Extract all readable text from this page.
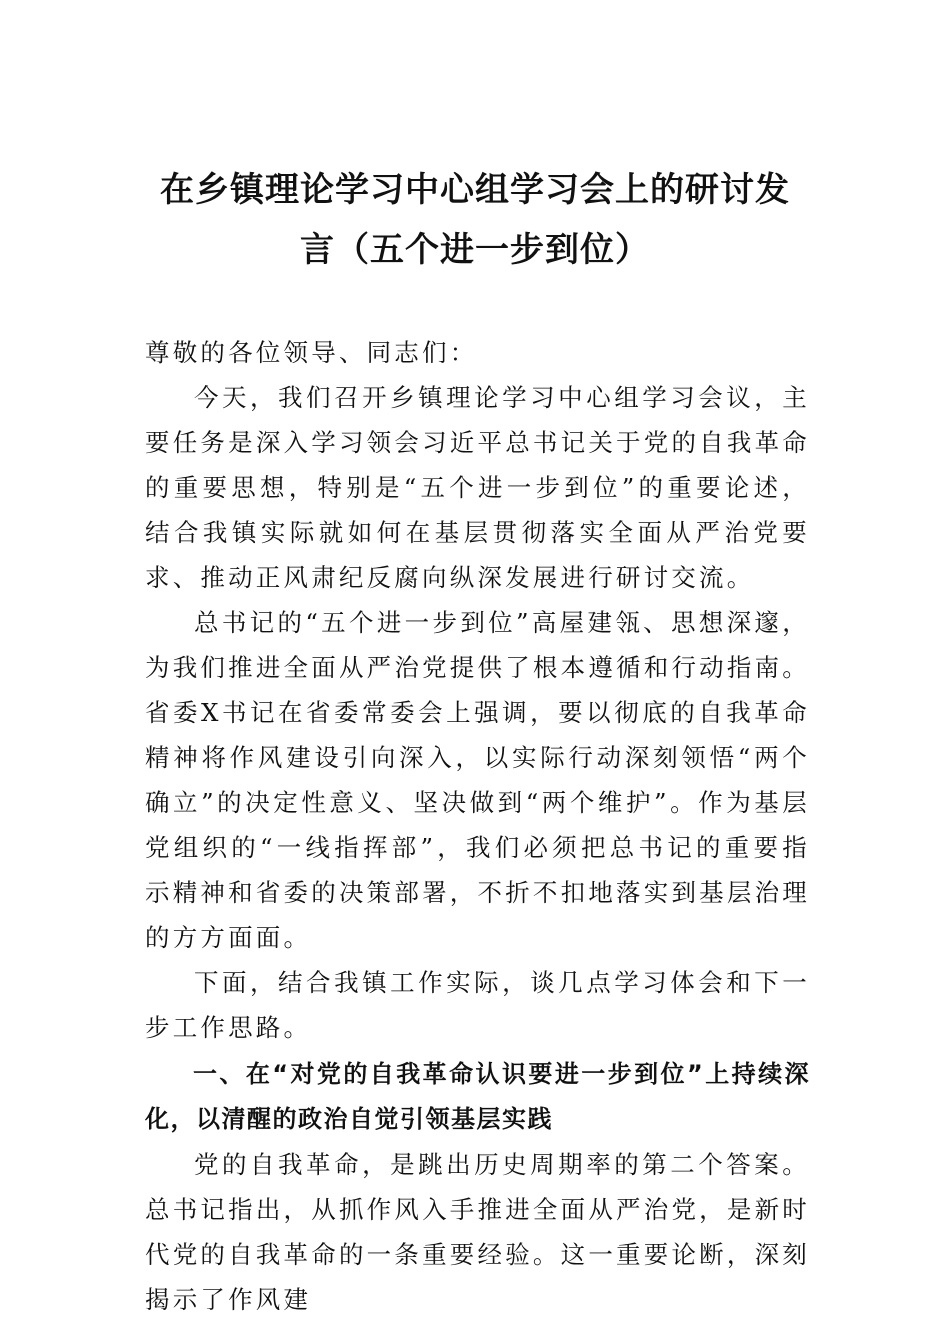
在乡镇理论学习中心组学习会上的研讨发
言（五个进一步到位）

尊敬的各位领导、同志们：

今天，我们召开乡镇理论学习中心组学习会议，主要任务是深入学习领会习近平总书记关于党的自我革命的重要思想，特别是“五个进一步到位”的重要论述，结合我镇实际就如何在基层贯彻落实全面从严治党要求、推动正风肃纪反腐向纵深发展进行研讨交流。

总书记的“五个进一步到位”高屋建瓴、思想深邃，为我们推进全面从严治党提供了根本遵循和行动指南。省委X书记在省委常委会上强调，要以彻底的自我革命精神将作风建设引向深入，以实际行动深刻领悟“两个确立”的决定性意义、坚决做到“两个维护”。作为基层党组织的“一线指挥部”，我们必须把总书记的重要指示精神和省委的决策部署，不折不扣地落实到基层治理的方方面面。

下面，结合我镇工作实际，谈几点学习体会和下一步工作思路。

一、在“对党的自我革命认识要进一步到位”上持续深化，以清醒的政治自觉引领基层实践

党的自我革命，是跳出历史周期率的第二个答案。总书记指出，从抓作风入手推进全面从严治党，是新时代党的自我革命的一条重要经验。这一重要论断，深刻揭示了作风建
